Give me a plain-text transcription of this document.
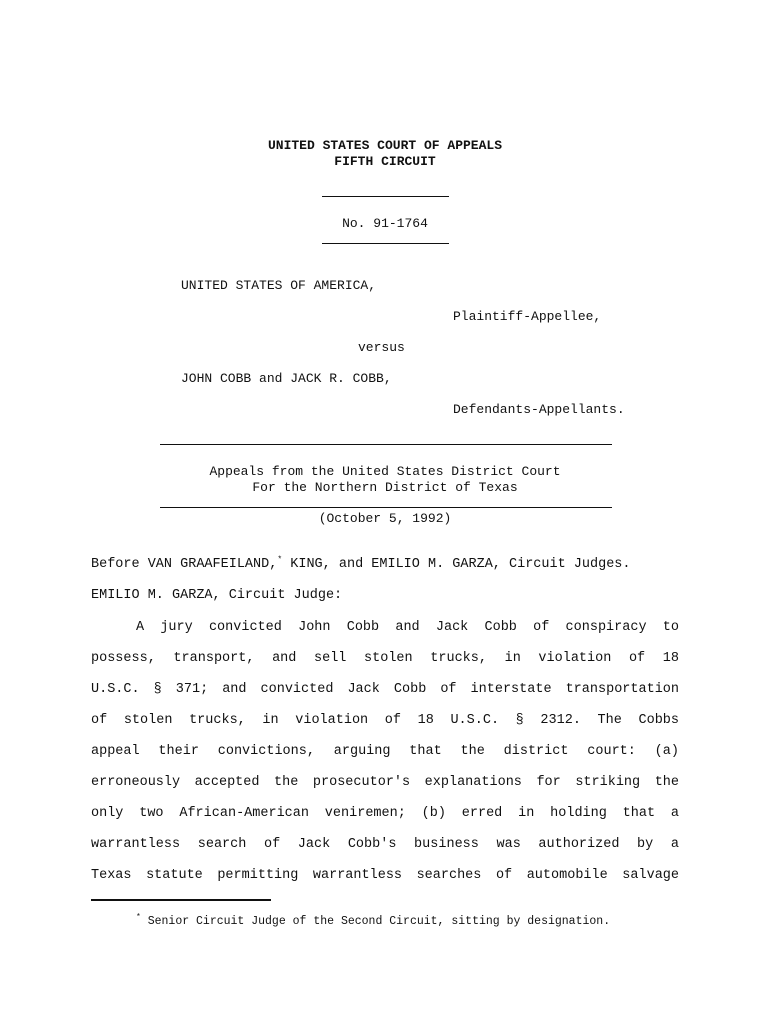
UNITED STATES COURT OF APPEALS
FIFTH CIRCUIT
No. 91-1764
UNITED STATES OF AMERICA,
Plaintiff-Appellee,
versus
JOHN COBB and JACK R. COBB,
Defendants-Appellants.
Appeals from the United States District Court
For the Northern District of Texas
(October 5, 1992)
Before VAN GRAAFEILAND,* KING, and EMILIO M. GARZA, Circuit Judges.
EMILIO M. GARZA, Circuit Judge:
A jury convicted John Cobb and Jack Cobb of conspiracy to
possess, transport, and sell stolen trucks, in violation of 18
U.S.C. § 371; and convicted Jack Cobb of interstate transportation
of stolen trucks, in violation of 18 U.S.C. § 2312. The Cobbs
appeal their convictions, arguing that the district court: (a)
erroneously accepted the prosecutor's explanations for striking the
only two African-American veniremen; (b) erred in holding that a
warrantless search of Jack Cobb's business was authorized by a
Texas statute permitting warrantless searches of automobile salvage
* Senior Circuit Judge of the Second Circuit, sitting by designation.
